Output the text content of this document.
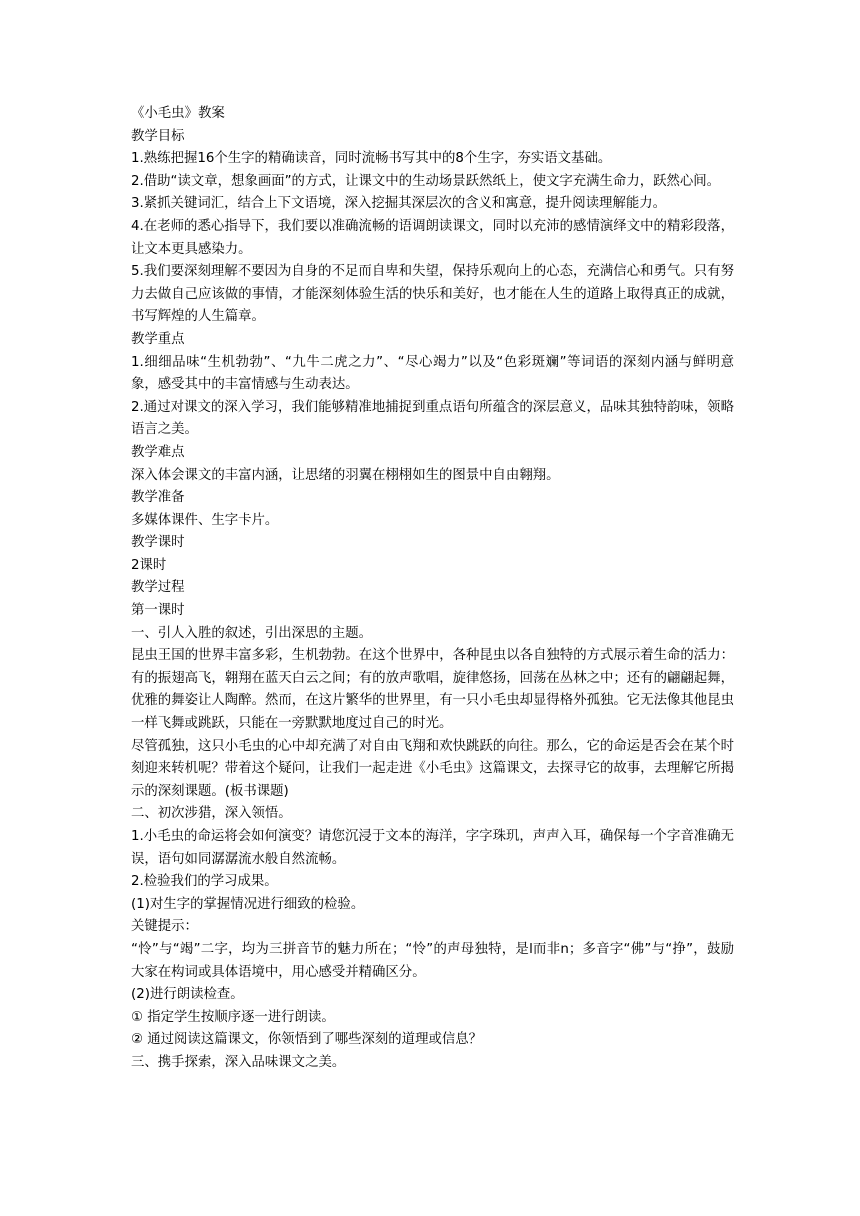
《小毛虫》教案

教学目标

1.熟练把握16个生字的精确读音，同时流畅书写其中的8个生字，夯实语文基础。

2.借助“读文章，想象画面”的方式，让课文中的生动场景跃然纸上，使文字充满生命力，跃然心间。

3.紧抓关键词汇，结合上下文语境，深入挖掘其深层次的含义和寓意，提升阅读理解能力。

4.在老师的悉心指导下，我们要以准确流畅的语调朗读课文，同时以充沛的感情演绎文中的精彩段落，让文本更具感染力。

5.我们要深刻理解不要因为自身的不足而自卑和失望，保持乐观向上的心态，充满信心和勇气。只有努力去做自己应该做的事情，才能深刻体验生活的快乐和美好，也才能在人生的道路上取得真正的成就，书写辉煌的人生篇章。

教学重点

1.细细品味“生机勃勃”、“九牛二虎之力”、“尽心竭力”以及“色彩斑斓”等词语的深刻内涵与鲜明意象，感受其中的丰富情感与生动表达。

2.通过对课文的深入学习，我们能够精准地捕捉到重点语句所蕴含的深层意义，品味其独特韵味，领略语言之美。

教学难点

深入体会课文的丰富内涵，让思绪的羽翼在栩栩如生的图景中自由翱翔。

教学准备

多媒体课件、生字卡片。

教学课时

2课时

教学过程

第一课时

一、引人入胜的叙述，引出深思的主题。

昆虫王国的世界丰富多彩，生机勃勃。在这个世界中，各种昆虫以各自独特的方式展示着生命的活力：有的振翅高飞，翱翔在蓝天白云之间；有的放声歌唱，旋律悠扬，回荡在丛林之中；还有的翩翩起舞，优雅的舞姿让人陶醉。然而，在这片繁华的世界里，有一只小毛虫却显得格外孤独。它无法像其他昆虫一样飞舞或跳跃，只能在一旁默默地度过自己的时光。

尽管孤独，这只小毛虫的心中却充满了对自由飞翔和欢快跳跃的向往。那么，它的命运是否会在某个时刻迎来转机呢？带着这个疑问，让我们一起走进《小毛虫》这篇课文，去探寻它的故事，去理解它所揭示的深刻课题。(板书课题)

二、初次涉猎，深入领悟。

1.小毛虫的命运将会如何演变？请您沉浸于文本的海洋，字字珠玑，声声入耳，确保每一个字音准确无误，语句如同潺潺流水般自然流畅。

2.检验我们的学习成果。

(1)对生字的掌握情况进行细致的检验。

关键提示：

“怜”与“竭”二字，均为三拼音节的魅力所在；“怜”的声母独特，是l而非n；多音字“佛”与“挣”，鼓励大家在构词或具体语境中，用心感受并精确区分。

(2)进行朗读检查。

① 指定学生按顺序逐一进行朗读。

② 通过阅读这篇课文，你领悟到了哪些深刻的道理或信息？

三、携手探索，深入品味课文之美。
